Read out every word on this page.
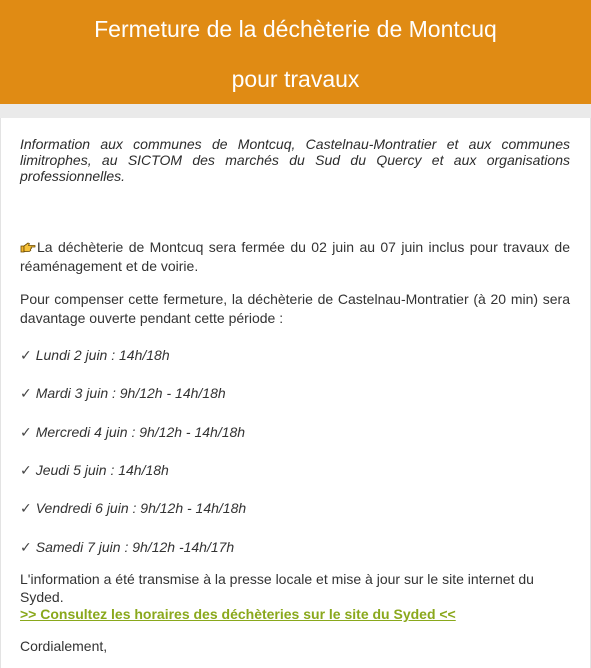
Fermeture de la déchèterie de Montcuq
pour travaux

Information aux communes de Montcuq, Castelnau-Montratier et aux communes limitrophes, au SICTOM des marchés du Sud du Quercy et aux organisations professionnelles.

La déchèterie de Montcuq sera fermée du 02 juin au 07 juin inclus pour travaux de réaménagement et de voirie.
Pour compenser cette fermeture, la déchèterie de Castelnau-Montratier (à 20 min) sera davantage ouverte pendant cette période :
✓ Lundi 2 juin : 14h/18h
✓ Mardi 3 juin : 9h/12h - 14h/18h
✓ Mercredi 4 juin : 9h/12h - 14h/18h
✓ Jeudi 5 juin : 14h/18h
✓ Vendredi 6 juin : 9h/12h - 14h/18h
✓ Samedi 7 juin : 9h/12h -14h/17h
L'information a été transmise à la presse locale et mise à jour sur le site internet du Syded.
>> Consultez les horaires des déchèteries sur le site du Syded <<
Cordialement,
